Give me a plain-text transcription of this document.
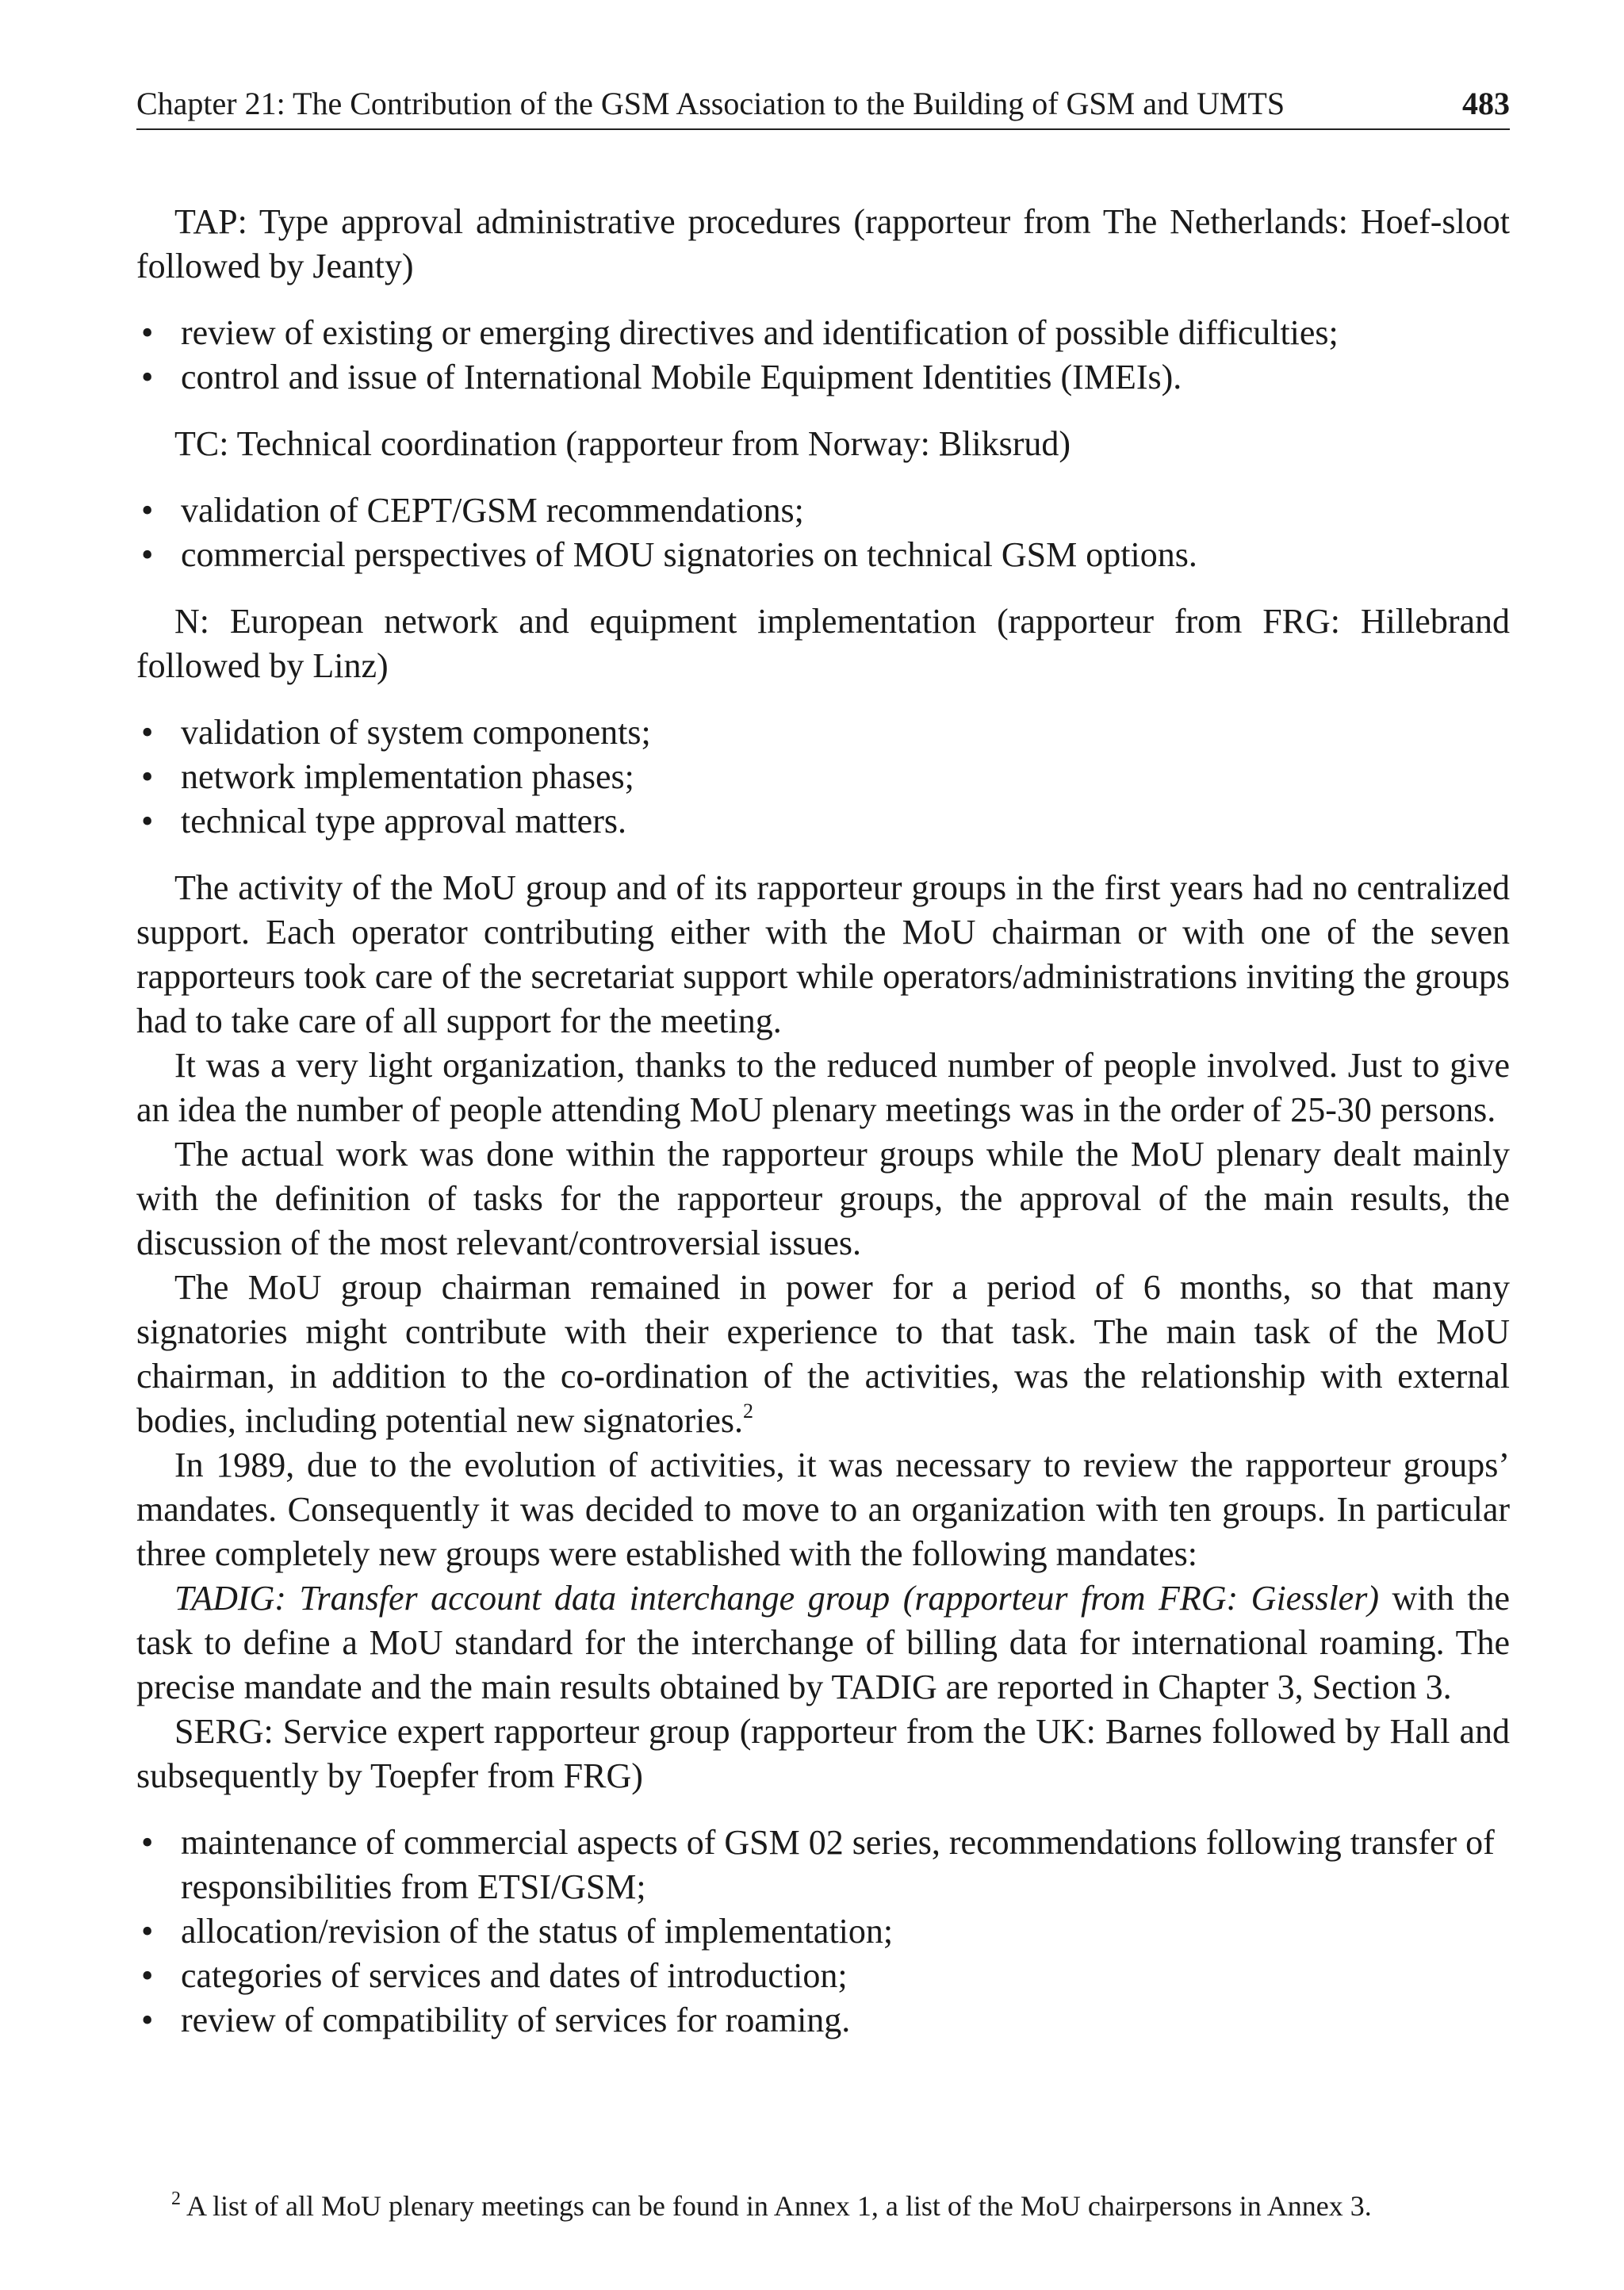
Chapter 21: The Contribution of the GSM Association to the Building of GSM and UMTS	483

TAP: Type approval administrative procedures (rapporteur from The Netherlands: Hoef-sloot followed by Jeanty)

• review of existing or emerging directives and identification of possible difficulties;
• control and issue of International Mobile Equipment Identities (IMEIs).

TC: Technical coordination (rapporteur from Norway: Bliksrud)

• validation of CEPT/GSM recommendations;
• commercial perspectives of MOU signatories on technical GSM options.

N: European network and equipment implementation (rapporteur from FRG: Hillebrand followed by Linz)

• validation of system components;
• network implementation phases;
• technical type approval matters.

The activity of the MoU group and of its rapporteur groups in the first years had no centralized support. Each operator contributing either with the MoU chairman or with one of the seven rapporteurs took care of the secretariat support while operators/administrations inviting the groups had to take care of all support for the meeting.

It was a very light organization, thanks to the reduced number of people involved. Just to give an idea the number of people attending MoU plenary meetings was in the order of 25-30 persons.

The actual work was done within the rapporteur groups while the MoU plenary dealt mainly with the definition of tasks for the rapporteur groups, the approval of the main results, the discussion of the most relevant/controversial issues.

The MoU group chairman remained in power for a period of 6 months, so that many signatories might contribute with their experience to that task. The main task of the MoU chairman, in addition to the co-ordination of the activities, was the relationship with external bodies, including potential new signatories.$^2$

In 1989, due to the evolution of activities, it was necessary to review the rapporteur groups’ mandates. Consequently it was decided to move to an organization with ten groups. In particular three completely new groups were established with the following mandates:

TADIG: Transfer account data interchange group (rapporteur from FRG: Giessler) with the task to define a MoU standard for the interchange of billing data for international roaming. The precise mandate and the main results obtained by TADIG are reported in Chapter 3, Section 3.

SERG: Service expert rapporteur group (rapporteur from the UK: Barnes followed by Hall and subsequently by Toepfer from FRG)

• maintenance of commercial aspects of GSM 02 series, recommendations following transfer of responsibilities from ETSI/GSM;
• allocation/revision of the status of implementation;
• categories of services and dates of introduction;
• review of compatibility of services for roaming.
$^2$ A list of all MoU plenary meetings can be found in Annex 1, a list of the MoU chairpersons in Annex 3.
